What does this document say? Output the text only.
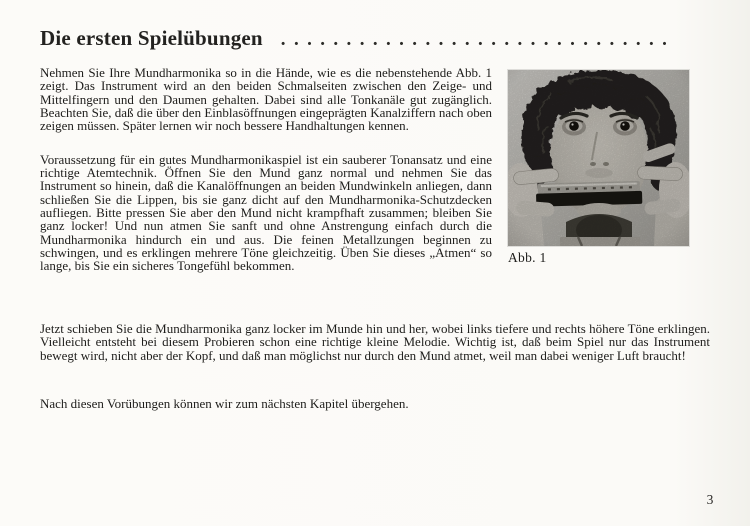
Die ersten Spielübungen ..............................

Nehmen Sie Ihre Mundharmonika so in die Hände, wie es die nebenstehende Abb. 1 zeigt. Das Instrument wird an den beiden Schmalseiten zwischen den Zeige- und Mittelfingern und den Daumen gehalten. Dabei sind alle Tonkanäle gut zugänglich. Beachten Sie, daß die über den Einblasöffnungen eingeprägten Kanalziffern nach oben zeigen müssen. Später lernen wir noch bessere Handhaltungen kennen.

Voraussetzung für ein gutes Mundharmonikaspiel ist ein sauberer Tonansatz und eine richtige Atemtechnik. Öffnen Sie den Mund ganz normal und nehmen Sie das Instrument so hinein, daß die Kanalöffnungen an beiden Mundwinkeln anliegen, dann schließen Sie die Lippen, bis sie ganz dicht auf den Mundharmonika-Schutzdecken aufliegen. Bitte pressen Sie aber den Mund nicht krampfhaft zusammen; bleiben Sie ganz locker! Und nun atmen Sie sanft und ohne Anstrengung einfach durch die Mundharmonika hindurch ein und aus. Die feinen Metallzungen beginnen zu schwingen, und es erklingen mehrere Töne gleichzeitig. Üben Sie dieses „Atmen“ so lange, bis Sie ein sicheres Tongefühl bekommen.

Abb. 1

Jetzt schieben Sie die Mundharmonika ganz locker im Munde hin und her, wobei links tiefere und rechts höhere Töne erklingen. Vielleicht entsteht bei diesem Probieren schon eine richtige kleine Melodie. Wichtig ist, daß beim Spiel nur das Instrument bewegt wird, nicht aber der Kopf, und daß man möglichst nur durch den Mund atmet, weil man dabei weniger Luft braucht!

Nach diesen Vorübungen können wir zum nächsten Kapitel übergehen.

3
